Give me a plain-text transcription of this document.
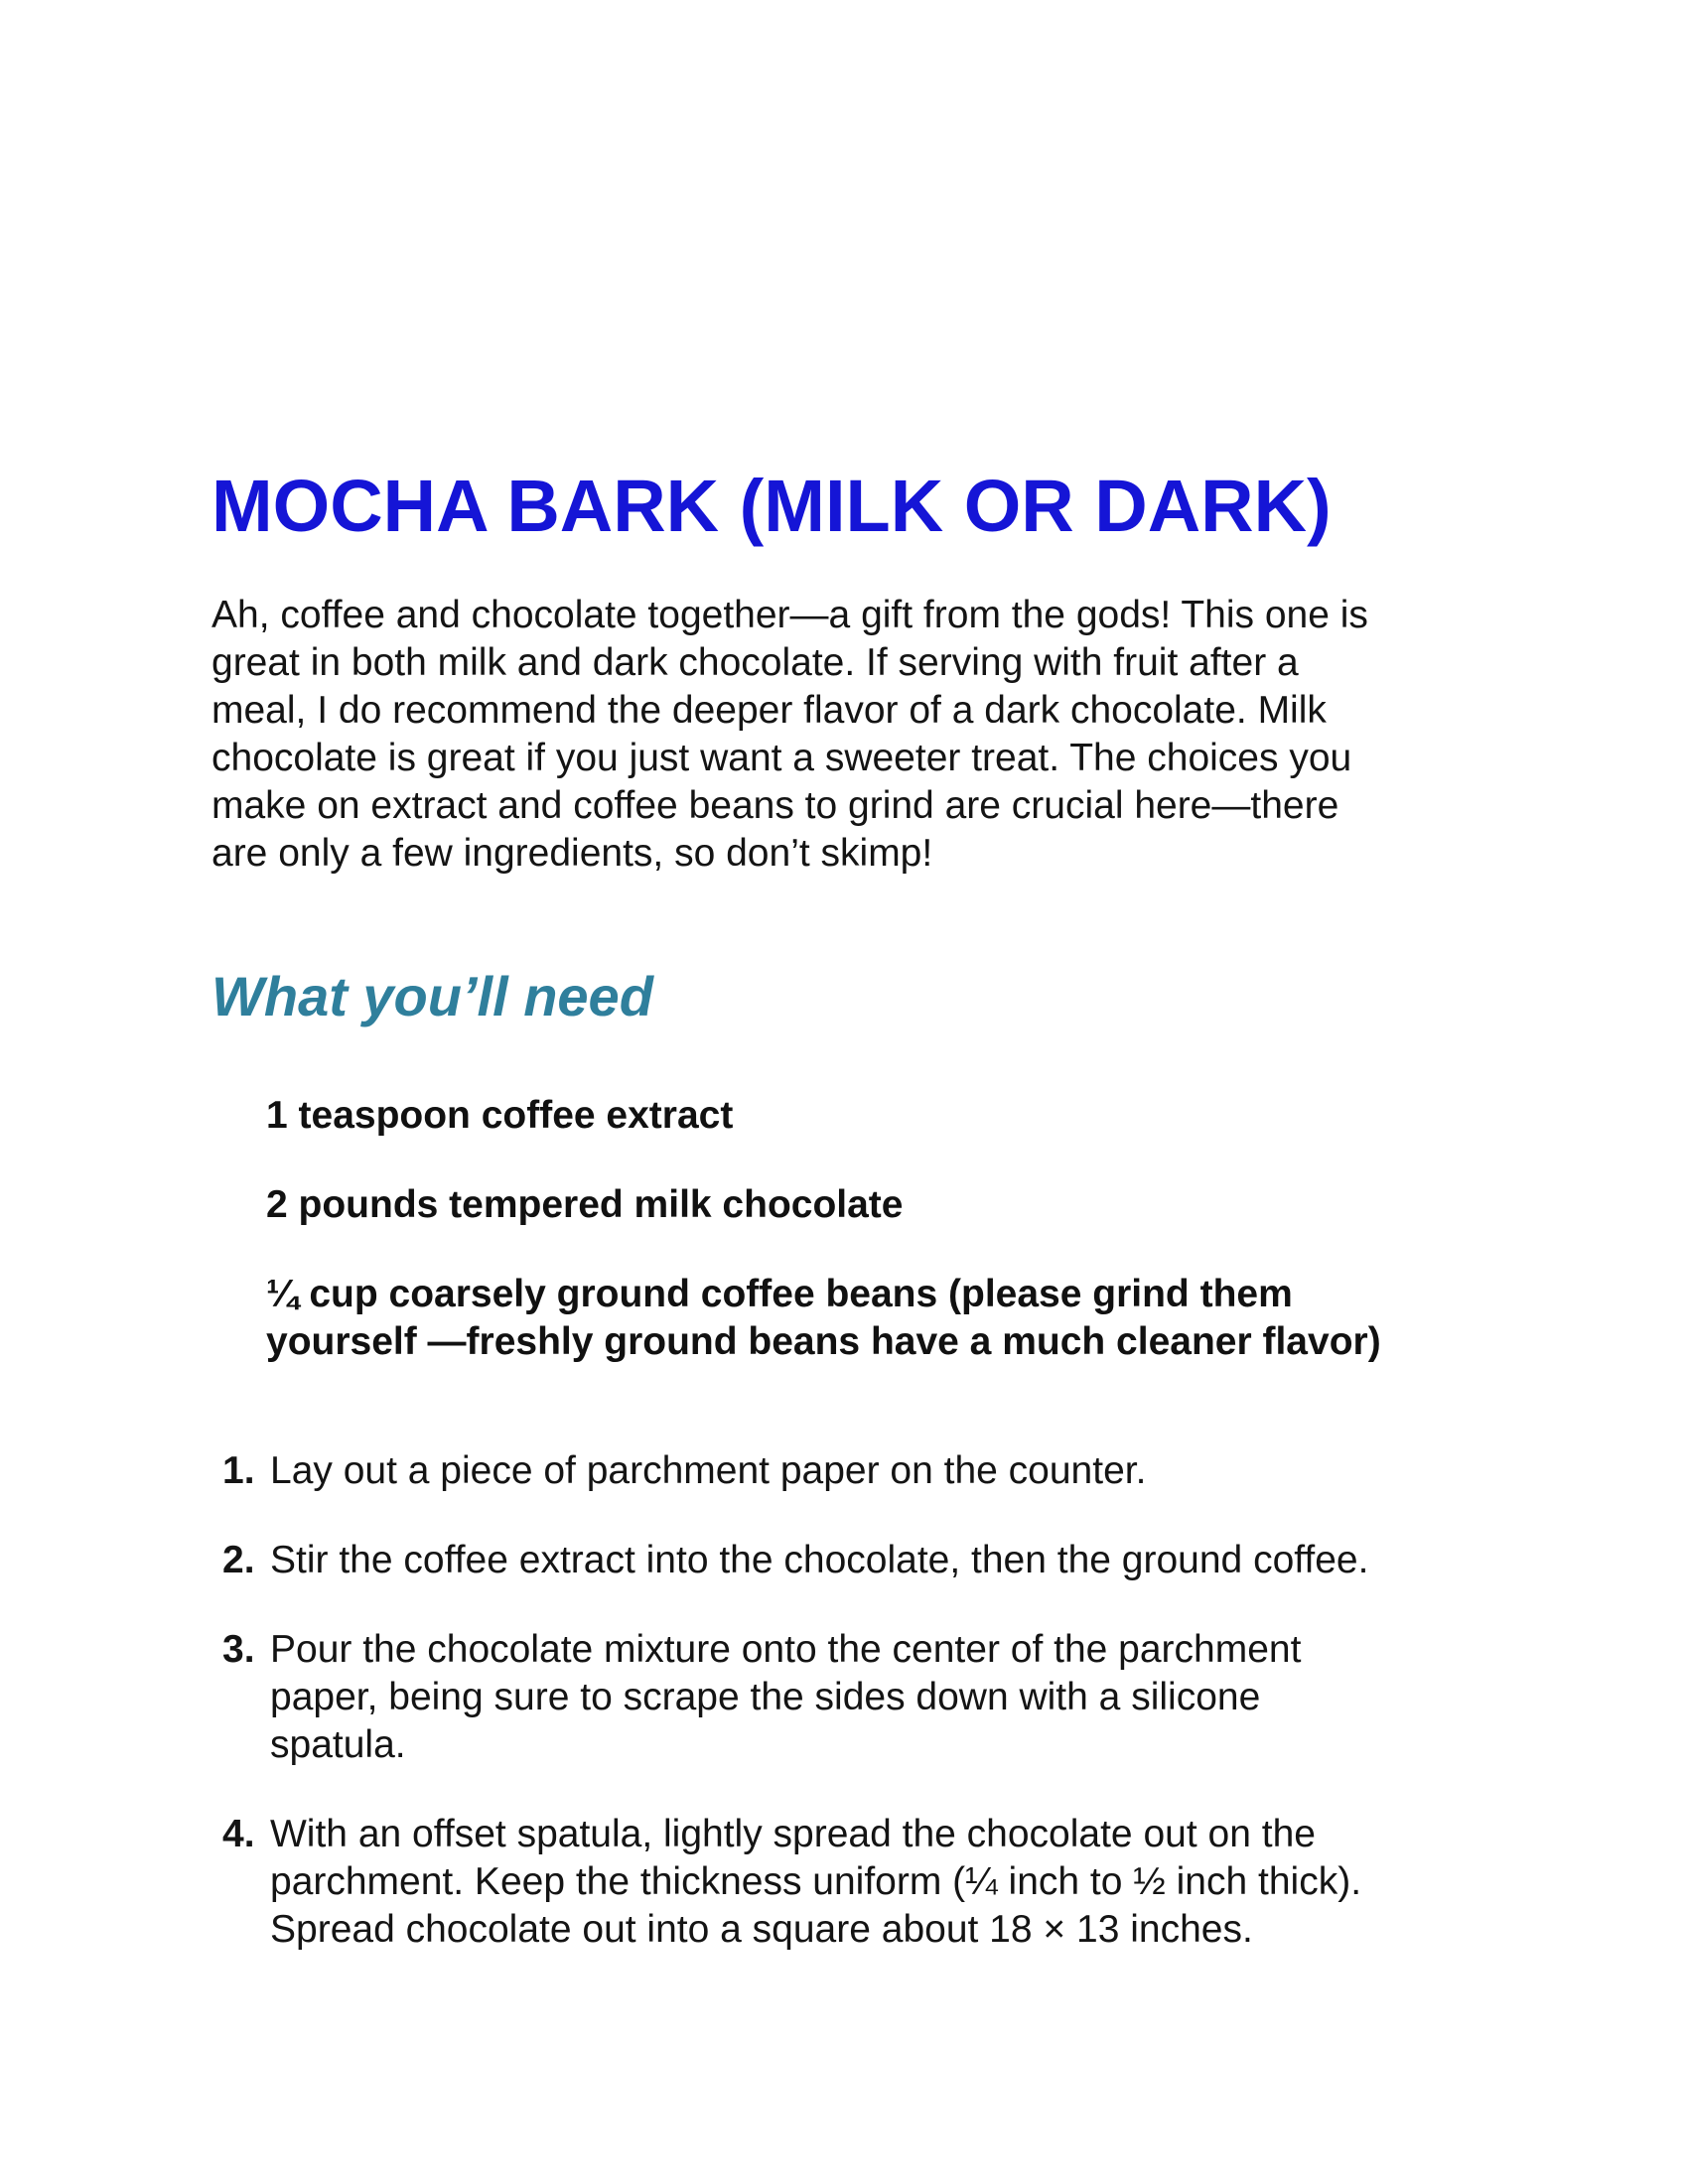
MOCHA BARK (MILK OR DARK)

Ah, coffee and chocolate together—a gift from the gods! This one is
great in both milk and dark chocolate. If serving with fruit after a
meal, I do recommend the deeper flavor of a dark chocolate. Milk
chocolate is great if you just want a sweeter treat. The choices you
make on extract and coffee beans to grind are crucial here—there
are only a few ingredients, so don’t skimp!

What you’ll need
1 teaspoon coffee extract
2 pounds tempered milk chocolate
¼ cup coarsely ground coffee beans (please grind them
yourself —freshly ground beans have a much cleaner flavor)
1. Lay out a piece of parchment paper on the counter.
2. Stir the coffee extract into the chocolate, then the ground coffee.
3. Pour the chocolate mixture onto the center of the parchment
paper, being sure to scrape the sides down with a silicone
spatula.
4. With an offset spatula, lightly spread the chocolate out on the
parchment. Keep the thickness uniform (¼ inch to ½ inch thick).
Spread chocolate out into a square about 18 × 13 inches.
